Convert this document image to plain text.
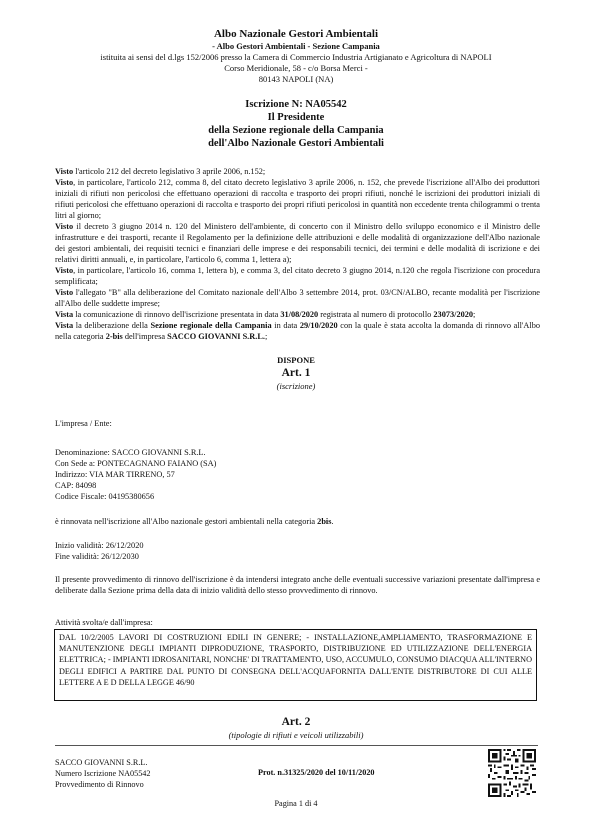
Albo Nazionale Gestori Ambientali
- Albo Gestori Ambientali - Sezione Campania
istituita ai sensi del d.lgs 152/2006 presso la Camera di Commercio Industria Artigianato e Agricoltura di NAPOLI
Corso Meridionale, 58 - c/o Borsa Merci -
80143 NAPOLI (NA)
Iscrizione N: NA05542
Il Presidente
della Sezione regionale della Campania
dell'Albo Nazionale Gestori Ambientali

Visto l'articolo 212 del decreto legislativo 3 aprile 2006, n.152;

Visto, in particolare, l'articolo 212, comma 8, del citato decreto legislativo 3 aprile 2006, n. 152, che prevede l'iscrizione all'Albo dei produttori iniziali di rifiuti non pericolosi che effettuano operazioni di raccolta e trasporto dei propri rifiuti, nonché le iscrizioni dei produttori iniziali di rifiuti pericolosi che effettuano operazioni di raccolta e trasporto dei propri rifiuti pericolosi in quantità non eccedente trenta chilogrammi o trenta litri al giorno;

Visto il decreto 3 giugno 2014 n. 120 del Ministero dell'ambiente, di concerto con il Ministro dello sviluppo economico e il Ministro delle infrastrutture e dei trasporti, recante il Regolamento per la definizione delle attribuzioni e delle modalità di organizzazione dell'Albo nazionale dei gestori ambientali, dei requisiti tecnici e finanziari delle imprese e dei responsabili tecnici, dei termini e delle modalità di iscrizione e dei relativi diritti annuali, e, in particolare, l'articolo 6, comma 1, lettera a);

Visto, in particolare, l'articolo 16, comma 1, lettera b), e comma 3, del citato decreto 3 giugno 2014, n.120 che regola l'iscrizione con procedura semplificata;

Visto l'allegato "B" alla deliberazione del Comitato nazionale dell'Albo 3 settembre 2014, prot. 03/CN/ALBO, recante modalità per l'iscrizione all'Albo delle suddette imprese;

Vista la comunicazione di rinnovo dell'iscrizione presentata in data 31/08/2020 registrata al numero di protocollo 23073/2020;

Vista la deliberazione della Sezione regionale della Campania in data 29/10/2020 con la quale è stata accolta la domanda di rinnovo all'Albo nella categoria 2-bis dell'impresa SACCO GIOVANNI S.R.L.;

DISPONE
Art. 1
(iscrizione)
L'impresa / Ente:
Denominazione: SACCO GIOVANNI S.R.L.
Con Sede a: PONTECAGNANO FAIANO (SA)
Indirizzo: VIA MAR TIRRENO, 57
CAP: 84098
Codice Fiscale: 04195380656
è rinnovata nell'iscrizione all'Albo nazionale gestori ambientali nella categoria 2bis.
Inizio validità: 26/12/2020
Fine validità: 26/12/2030
Il presente provvedimento di rinnovo dell'iscrizione è da intendersi integrato anche delle eventuali successive variazioni presentate dall'impresa e deliberate dalla Sezione prima della data di inizio validità dello stesso provvedimento di rinnovo.
Attività svolta/e dall'impresa:
DAL 10/2/2005 LAVORI DI COSTRUZIONI EDILI IN GENERE; - INSTALLAZIONE,AMPLIAMENTO, TRASFORMAZIONE E MANUTENZIONE DEGLI IMPIANTI DIPRODUZIONE, TRASPORTO, DISTRIBUZIONE ED UTILIZZAZIONE DELL'ENERGIA ELETTRICA; - IMPIANTI IDROSANITARI, NONCHE' DI TRATTAMENTO, USO, ACCUMULO, CONSUMO DIACQUA ALL'INTERNO DEGLI EDIFICI A PARTIRE DAL PUNTO DI CONSEGNA DELL'ACQUAFORNITA DALL'ENTE DISTRIBUTORE DI CUI ALLE LETTERE A E D DELLA LEGGE 46/90
Art. 2
(tipologie di rifiuti e veicoli utilizzabili)
SACCO GIOVANNI S.R.L.
Numero Iscrizione NA05542
Provvedimento di Rinnovo
Prot. n.31325/2020 del 10/11/2020
Pagina 1 di 4
